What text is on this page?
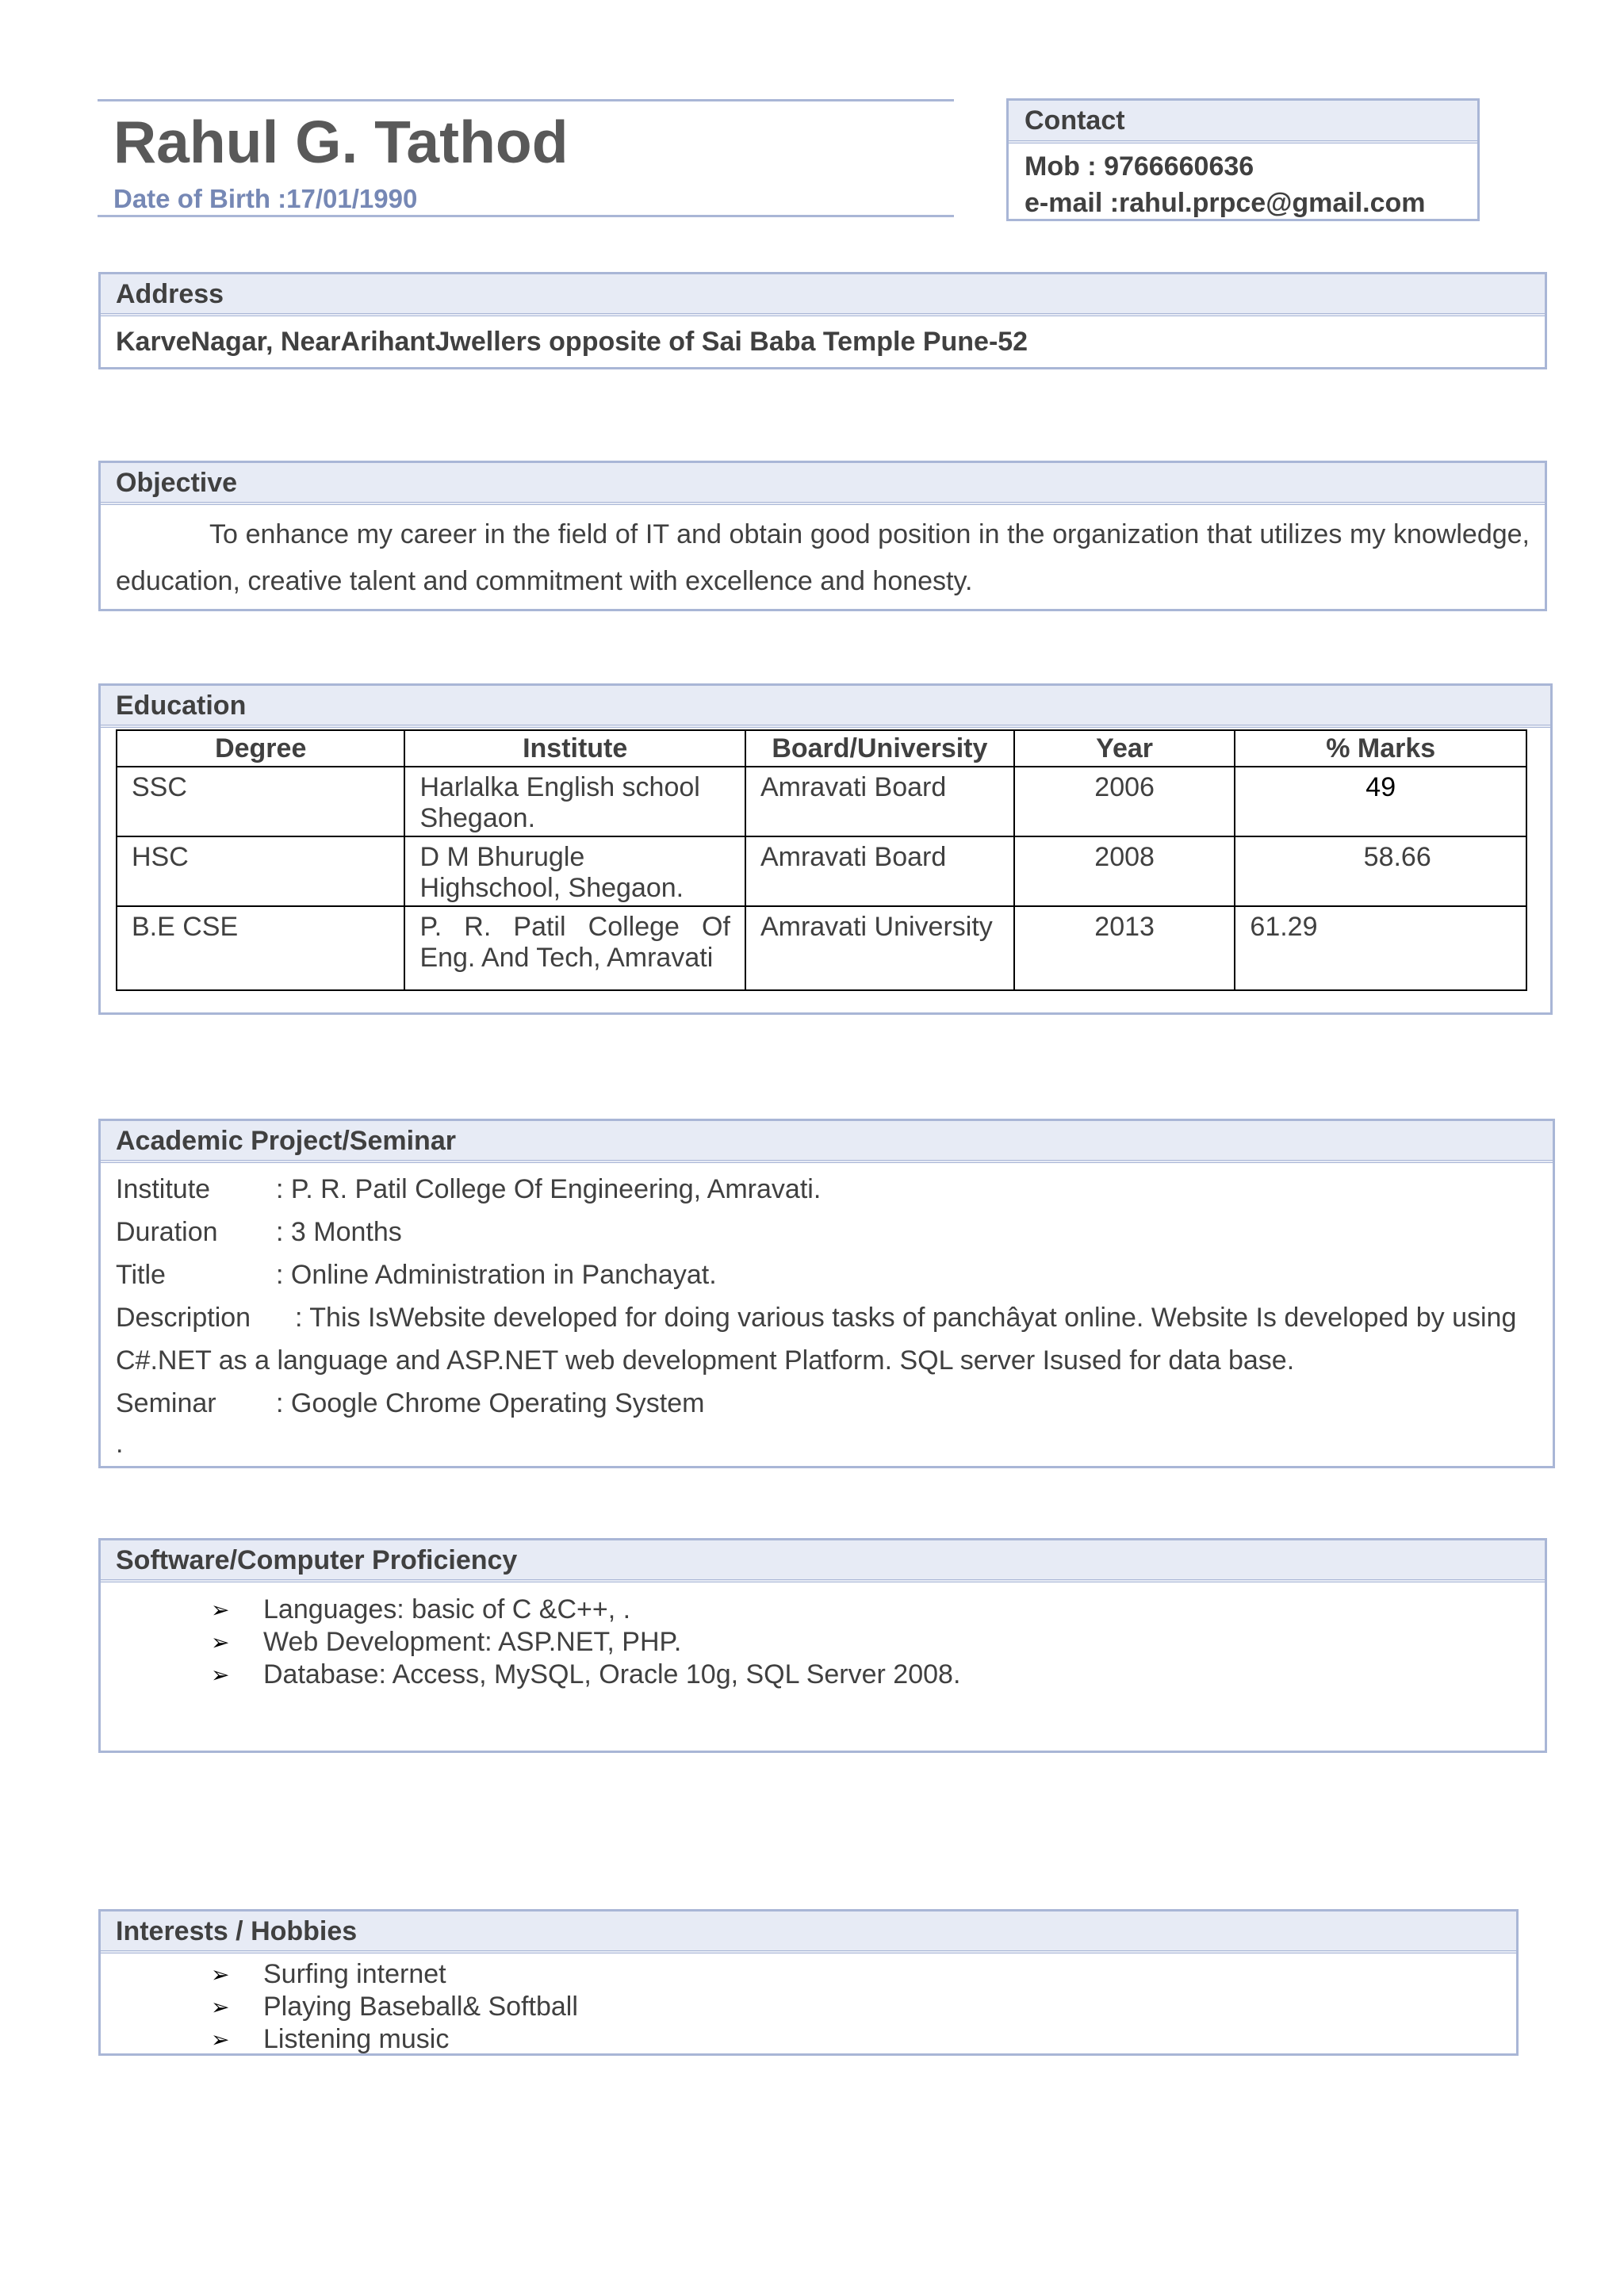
Rahul G. Tathod
Date of Birth :17/01/1990
Contact
Mob : 9766660636
e-mail :rahul.prpce@gmail.com
Address
KarveNagar, NearArihantJwellers opposite of Sai Baba Temple Pune-52
Objective
To enhance my career in the field of IT and obtain good position in the organization that utilizes my knowledge, education, creative talent and commitment with excellence and honesty.
Education
Degree	Institute	Board/University	Year	% Marks
SSC	Harlalka English school Shegaon.	Amravati Board	2006	49
HSC	D M Bhurugle Highschool, Shegaon.	Amravati Board	2008	58.66
B.E CSE	P. R. Patil College Of Eng. And Tech, Amravati	Amravati University	2013	61.29
Academic Project/Seminar
Institute : P. R. Patil College Of Engineering, Amravati.
Duration : 3 Months
Title	: Online Administration in Panchayat.
Description : This IsWebsite developed for doing various tasks of panchâyat online. Website Is developed by using C#.NET as a language and ASP.NET web development Platform. SQL server Isused for data base.
Seminar : Google Chrome Operating System
.
Software/Computer Proficiency
➢ Languages: basic of C &C++, .
➢ Web Development: ASP.NET, PHP.
➢ Database: Access, MySQL, Oracle 10g, SQL Server 2008.
Interests / Hobbies
➢ Surfing internet
➢ Playing Baseball& Softball
➢ Listening music
